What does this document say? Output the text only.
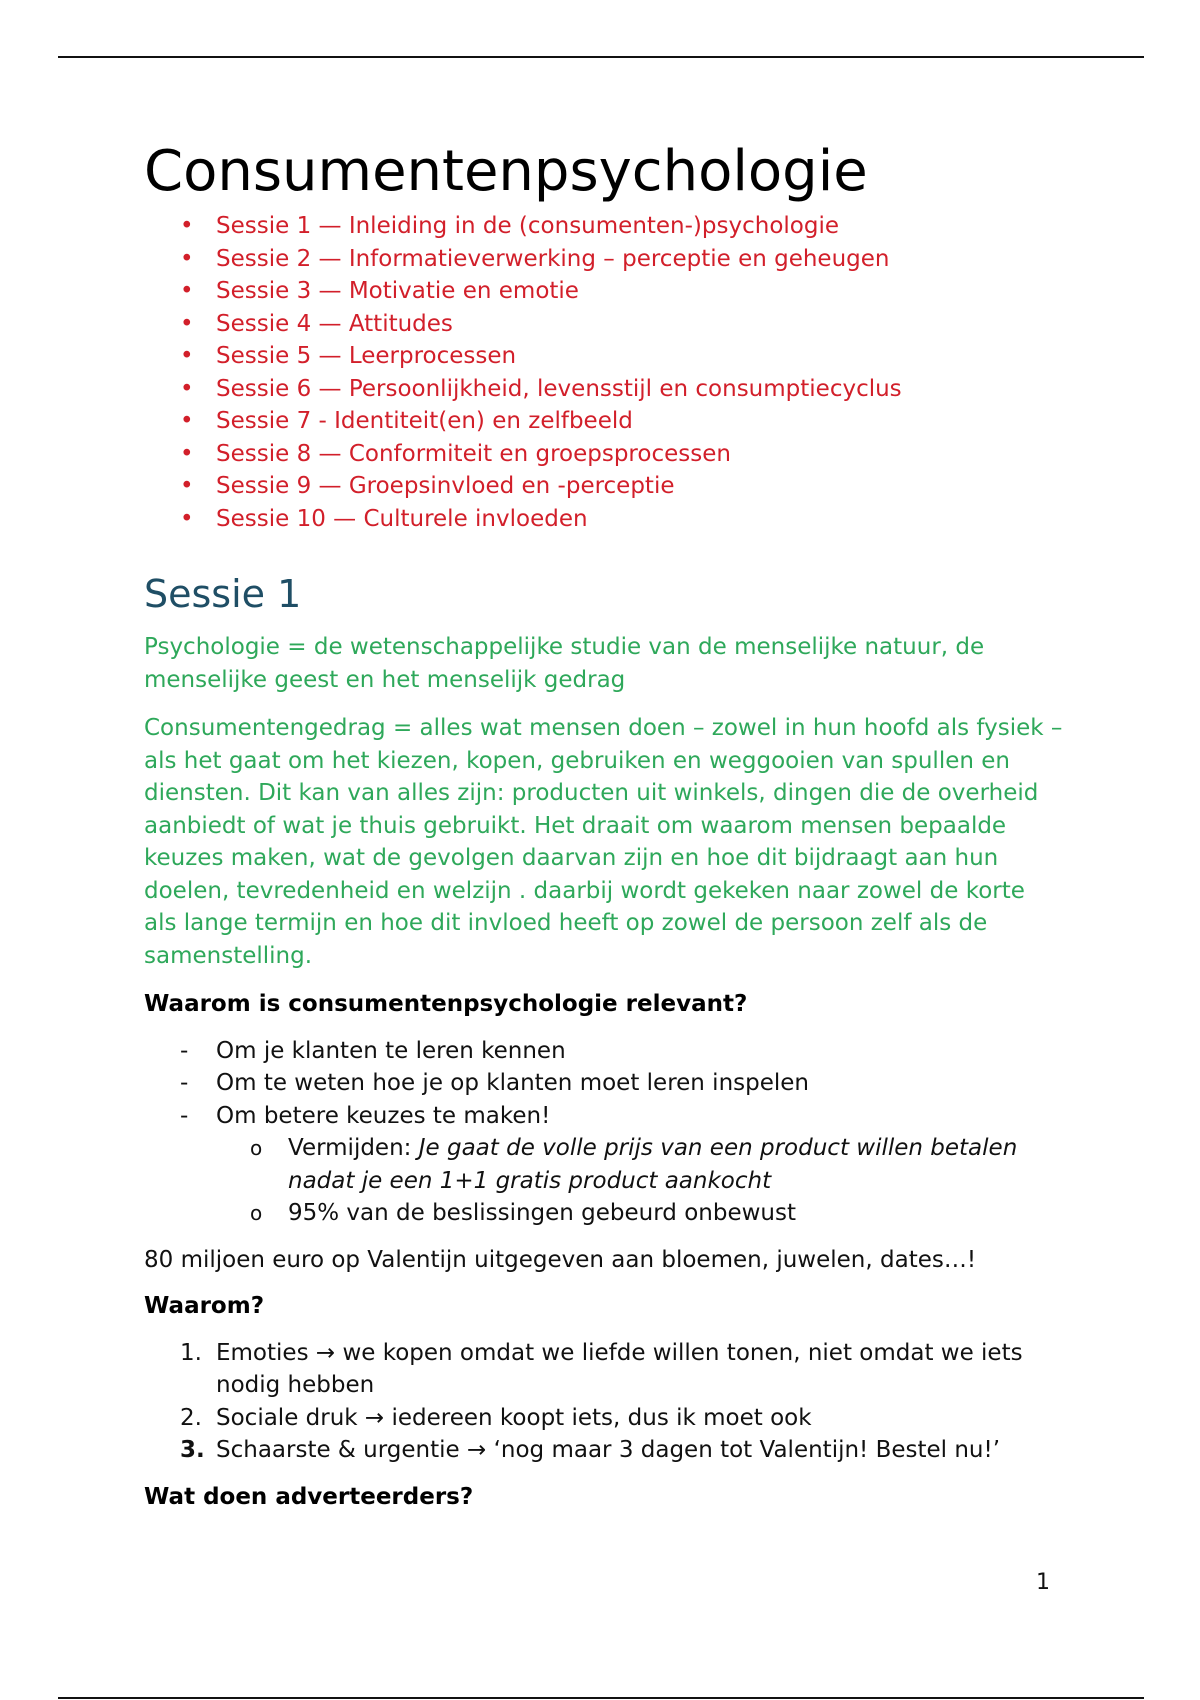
Consumentenpsychologie
• Sessie 1 — Inleiding in de (consumenten-)psychologie
• Sessie 2 — Informatieverwerking – perceptie en geheugen
• Sessie 3 — Motivatie en emotie
• Sessie 4 — Attitudes
• Sessie 5 — Leerprocessen
• Sessie 6 — Persoonlijkheid, levensstijl en consumptiecyclus
• Sessie 7 - Identiteit(en) en zelfbeeld
• Sessie 8 — Conformiteit en groepsprocessen
• Sessie 9 — Groepsinvloed en -perceptie
• Sessie 10 — Culturele invloeden
Sessie 1

Psychologie = de wetenschappelijke studie van de menselijke natuur, de menselijke geest en het menselijk gedrag

Consumentengedrag = alles wat mensen doen – zowel in hun hoofd als fysiek – als het gaat om het kiezen, kopen, gebruiken en weggooien van spullen en diensten. Dit kan van alles zijn: producten uit winkels, dingen die de overheid aanbiedt of wat je thuis gebruikt. Het draait om waarom mensen bepaalde keuzes maken, wat de gevolgen daarvan zijn en hoe dit bijdraagt aan hun doelen, tevredenheid en welzijn . daarbij wordt gekeken naar zowel de korte als lange termijn en hoe dit invloed heeft op zowel de persoon zelf als de samenstelling.

Waarom is consumentenpsychologie relevant?

- Om je klanten te leren kennen
- Om te weten hoe je op klanten moet leren inspelen
- Om betere keuzes te maken!
o Vermijden: Je gaat de volle prijs van een product willen betalen nadat je een 1+1 gratis product aankocht
o 95% van de beslissingen gebeurd onbewust

80 miljoen euro op Valentijn uitgegeven aan bloemen, juwelen, dates…!

Waarom?

1. Emoties → we kopen omdat we liefde willen tonen, niet omdat we iets nodig hebben
2. Sociale druk → iedereen koopt iets, dus ik moet ook
3. Schaarste & urgentie → ‘nog maar 3 dagen tot Valentijn! Bestel nu!’

Wat doen adverteerders?

1
